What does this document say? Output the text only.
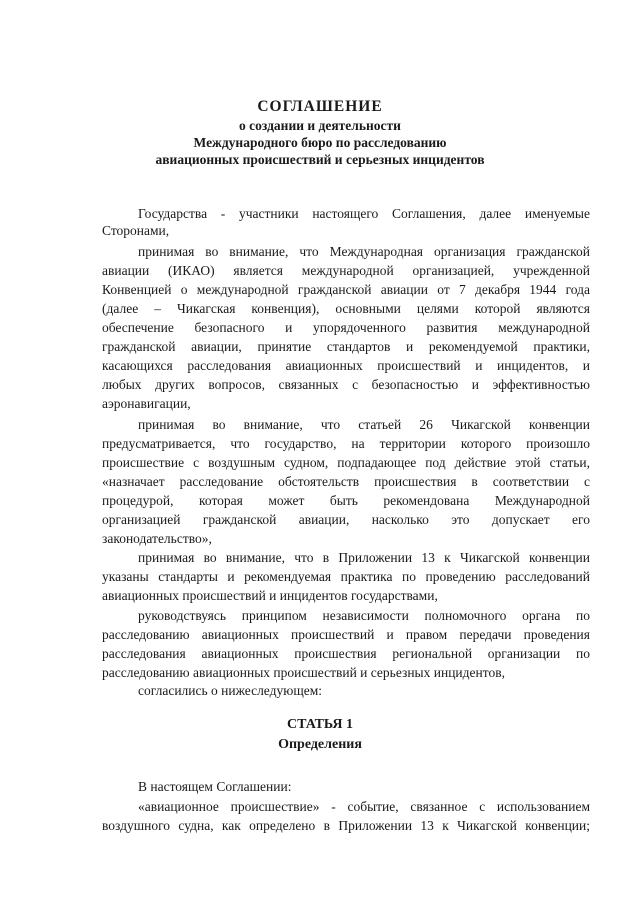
СОГЛАШЕНИЕ
о создании и деятельности
Международного бюро по расследованию
авиационных происшествий и серьезных инцидентов
Государства - участники настоящего Соглашения, далее именуемые
Сторонами,
принимая во внимание, что Международная организация гражданской
авиации (ИКАО) является международной организацией, учрежденной
Конвенцией о международной гражданской авиации от 7 декабря 1944 года
(далее – Чикагская конвенция), основными целями которой являются
обеспечение безопасного и упорядоченного развития международной
гражданской авиации, принятие стандартов и рекомендуемой практики,
касающихся расследования авиационных происшествий и инцидентов, и
любых других вопросов, связанных с безопасностью и эффективностью
аэронавигации,
принимая во внимание, что статьей 26 Чикагской конвенции
предусматривается, что государство, на территории которого произошло
происшествие с воздушным судном, подпадающее под действие этой статьи,
«назначает расследование обстоятельств происшествия в соответствии с
процедурой, которая может быть рекомендована Международной
организацией гражданской авиации, насколько это допускает его
законодательство»,
принимая во внимание, что в Приложении 13 к Чикагской конвенции
указаны стандарты и рекомендуемая практика по проведению расследований
авиационных происшествий и инцидентов государствами,
руководствуясь принципом независимости полномочного органа по
расследованию авиационных происшествий и правом передачи проведения
расследования авиационных происшествия региональной организации по
расследованию авиационных происшествий и серьезных инцидентов,
согласились о нижеследующем:
СТАТЬЯ 1
Определения
В настоящем Соглашении:
«авиационное происшествие» - событие, связанное с использованием
воздушного судна, как определено в Приложении 13 к Чикагской конвенции;
